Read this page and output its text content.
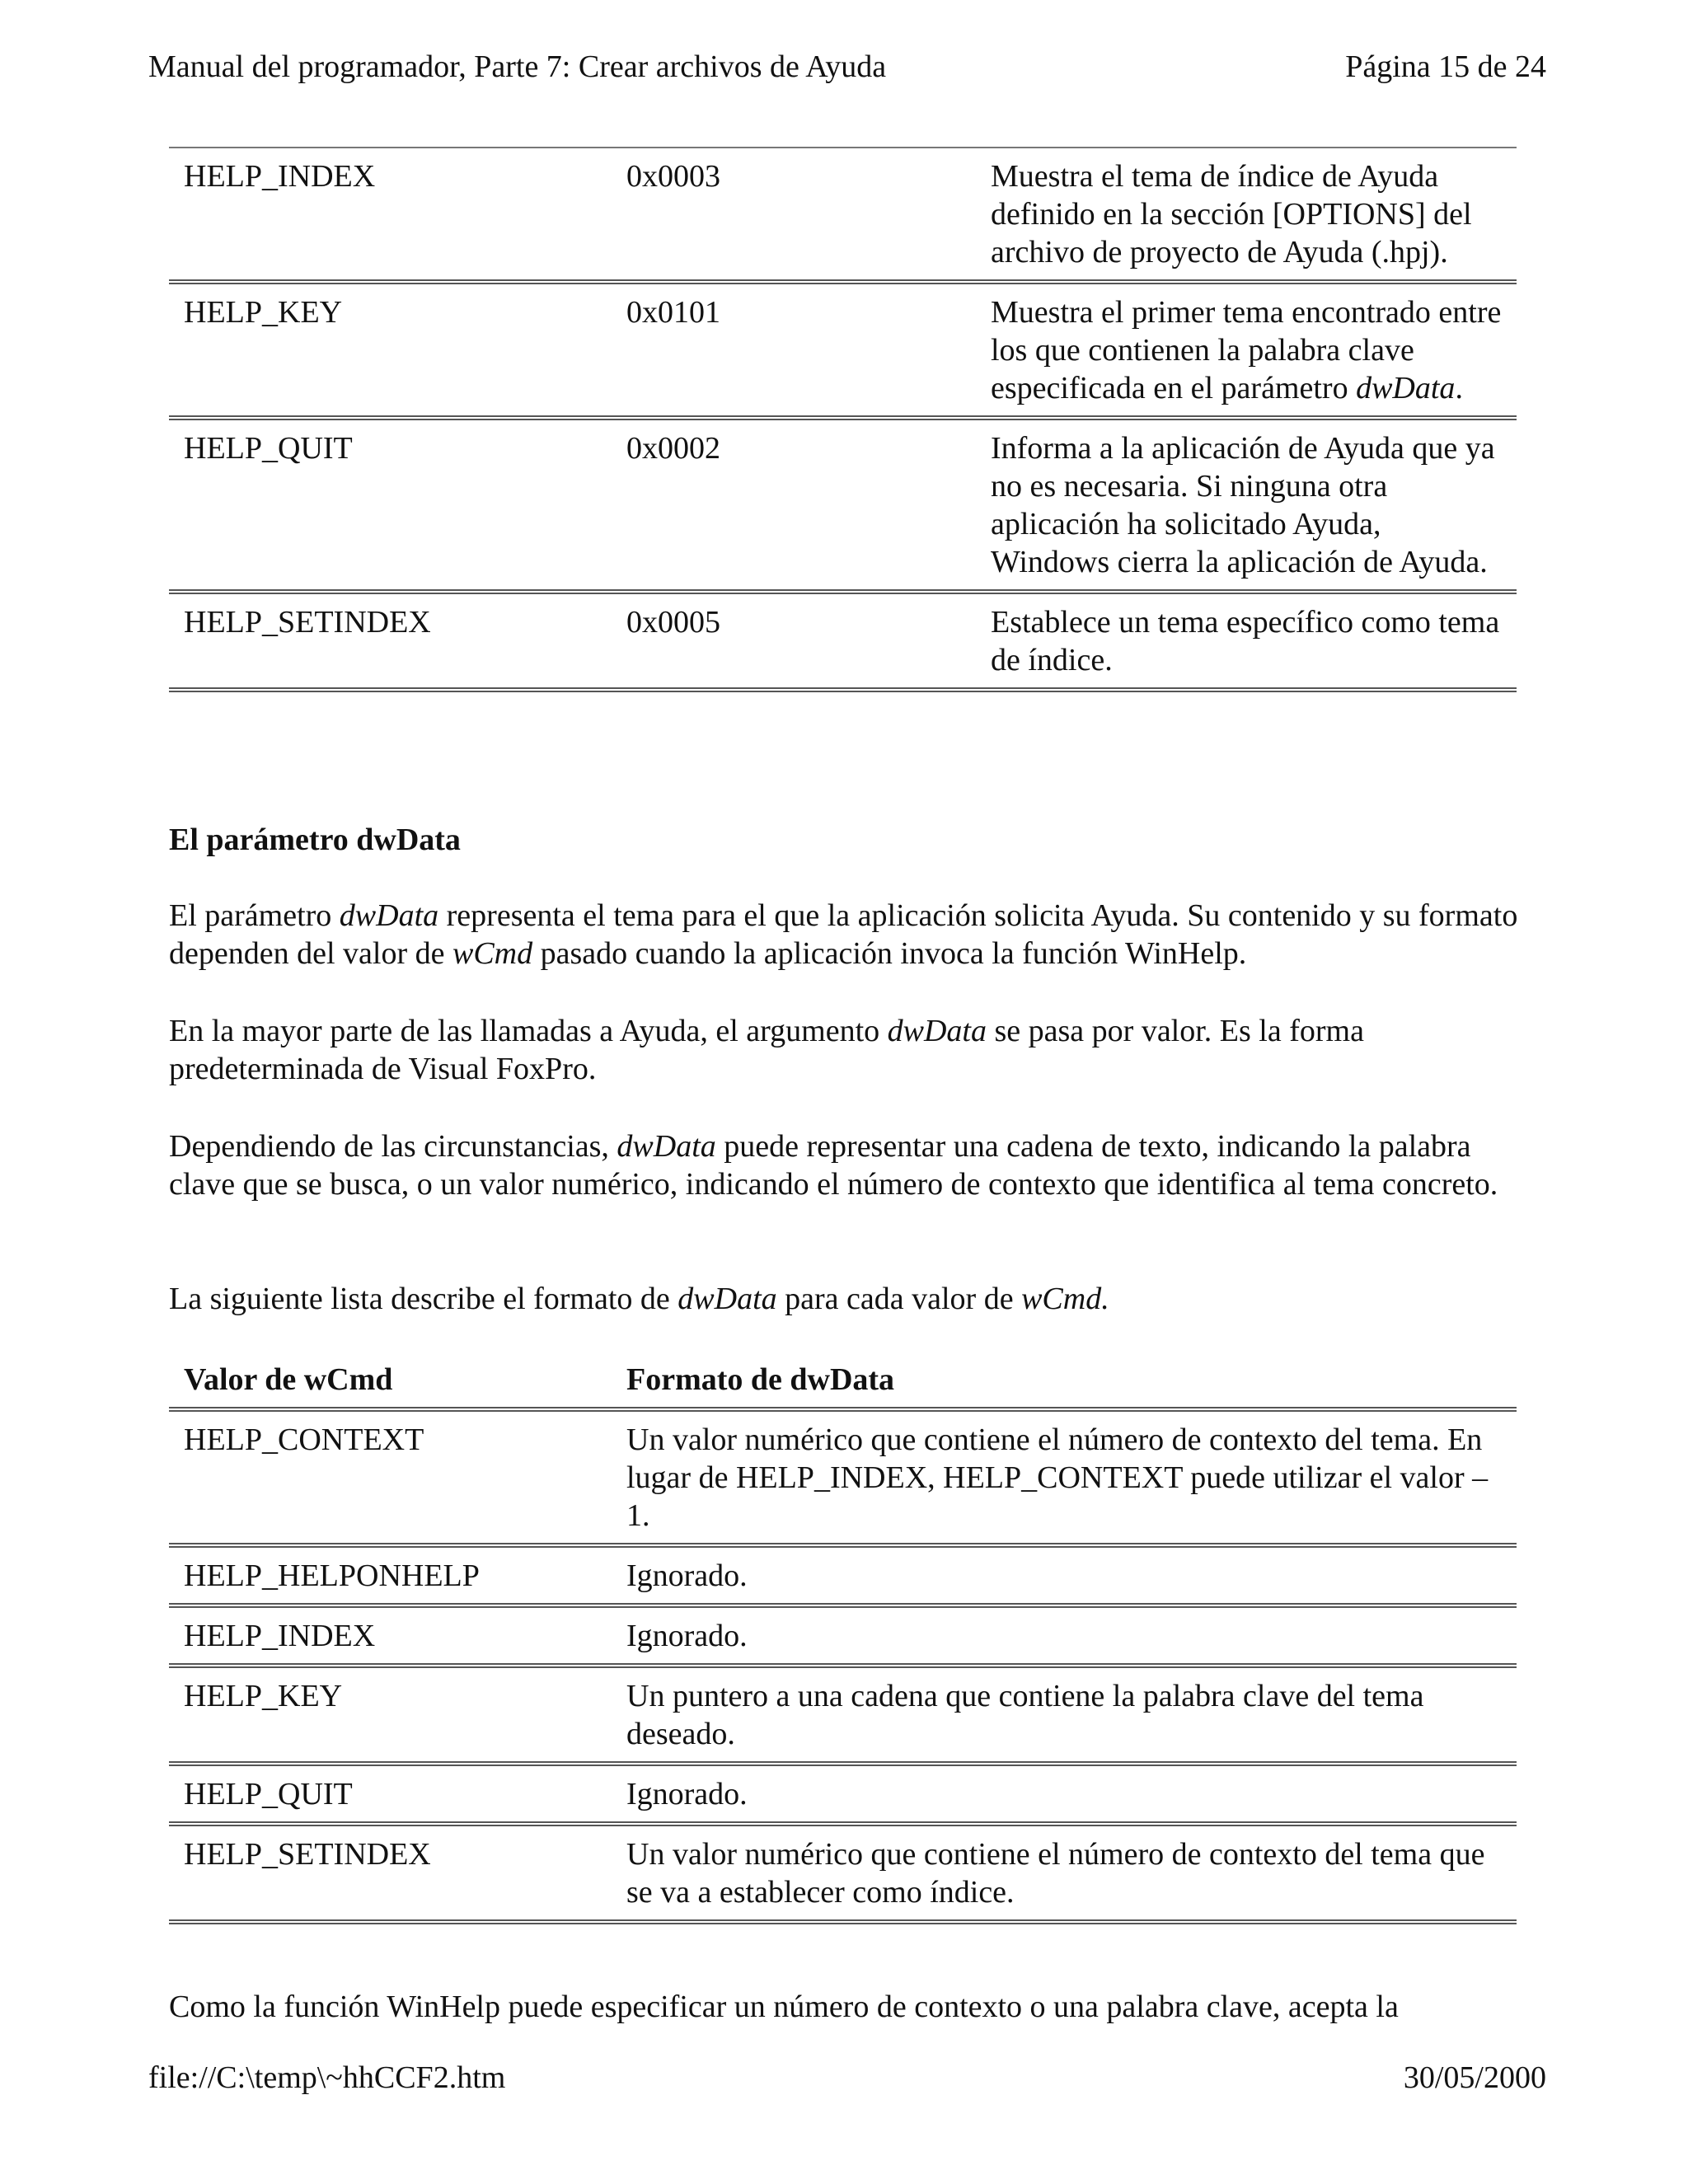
Manual del programador, Parte 7: Crear archivos de Ayuda	Página 15 de 24
HELP_INDEX	0x0003	Muestra el tema de índice de Ayuda definido en la sección [OPTIONS] del archivo de proyecto de Ayuda (.hpj).
HELP_KEY	0x0101	Muestra el primer tema encontrado entre los que contienen la palabra clave especificada en el parámetro dwData.
HELP_QUIT	0x0002	Informa a la aplicación de Ayuda que ya no es necesaria. Si ninguna otra aplicación ha solicitado Ayuda, Windows cierra la aplicación de Ayuda.
HELP_SETINDEX	0x0005	Establece un tema específico como tema de índice.
El parámetro dwData
El parámetro dwData representa el tema para el que la aplicación solicita Ayuda. Su contenido y su formato dependen del valor de wCmd pasado cuando la aplicación invoca la función WinHelp.
En la mayor parte de las llamadas a Ayuda, el argumento dwData se pasa por valor. Es la forma predeterminada de Visual FoxPro.
Dependiendo de las circunstancias, dwData puede representar una cadena de texto, indicando la palabra clave que se busca, o un valor numérico, indicando el número de contexto que identifica al tema concreto.
La siguiente lista describe el formato de dwData para cada valor de wCmd.
Valor de wCmd	Formato de dwData
HELP_CONTEXT	Un valor numérico que contiene el número de contexto del tema. En lugar de HELP_INDEX, HELP_CONTEXT puede utilizar el valor –1.
HELP_HELPONHELP	Ignorado.
HELP_INDEX	Ignorado.
HELP_KEY	Un puntero a una cadena que contiene la palabra clave del tema deseado.
HELP_QUIT	Ignorado.
HELP_SETINDEX	Un valor numérico que contiene el número de contexto del tema que se va a establecer como índice.
Como la función WinHelp puede especificar un número de contexto o una palabra clave, acepta la
file://C:\temp\~hhCCF2.htm	30/05/2000
